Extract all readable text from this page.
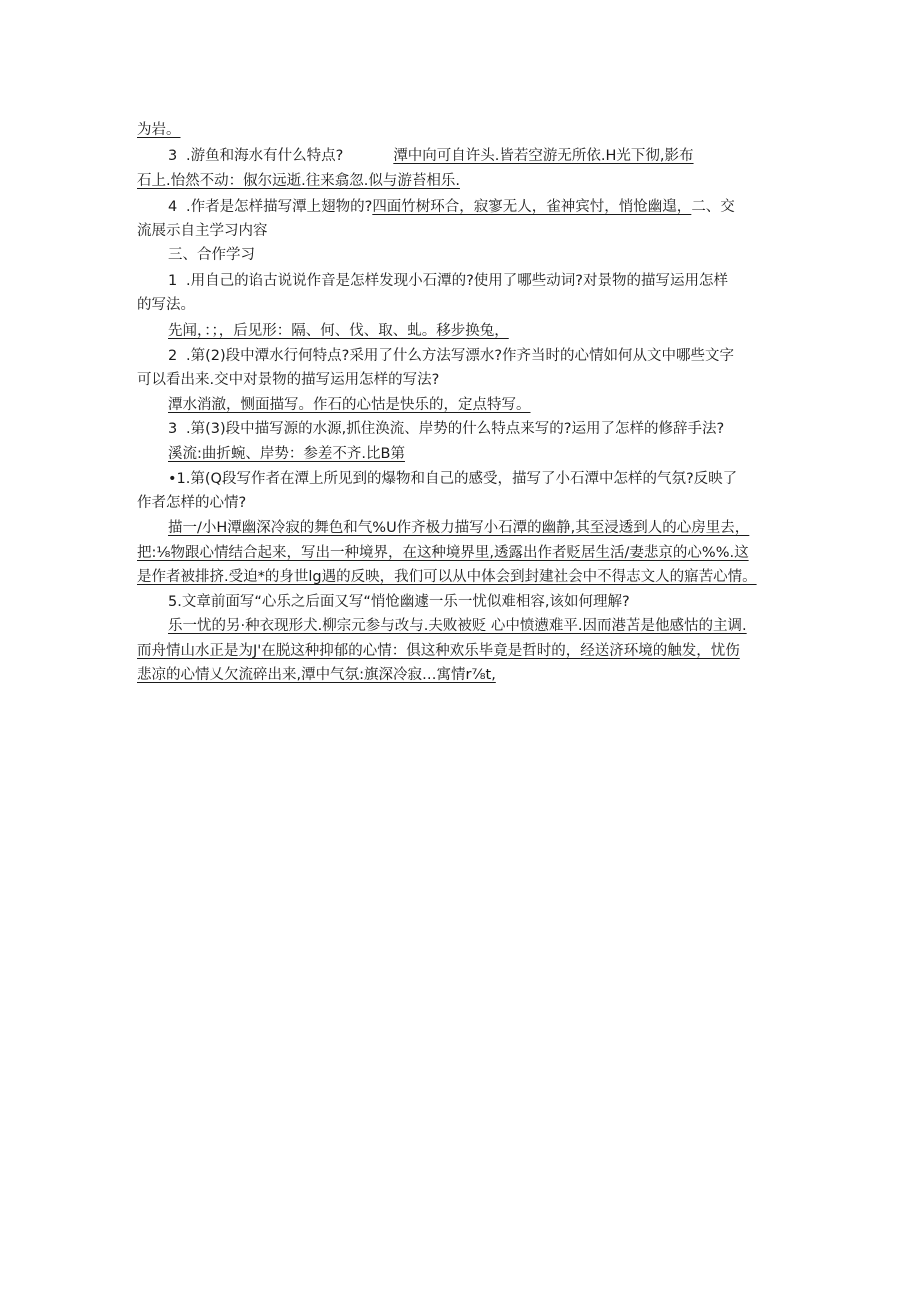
为岩。
3 .游鱼和海水有什么特点?	潭中向可自许头.皆若空游无所依.H光下彻,影布
石上.怡然不动：俶尔远逝.往来翕忽.似与游苔相乐.
4 .作者是怎样描写潭上翅物的?四面竹树环合，寂寥无人，雀神宾忖，悄怆幽遑，二、交
流展示自主学习内容
三、合作学习
1 .用自己的谄古说说作音是怎样发现小石潭的?使用了哪些动词?对景物的描写运用怎样
的写法。
先闻，：；，后见形：隔、何、伐、取、虬。移步换兔，
2 .第(2)段中潭水行何特点?采用了什么方法写漂水?作齐当时的心情如何从文中哪些文字
可以看出来.交中对景物的描写运用怎样的写法?
潭水消澈，恻面描写。作石的心怙是快乐的，定点特写。
3 .第(3)段中描写源的水源,抓住涣流、岸势的什么特点来写的?运用了怎样的修辞手法?
溪流:曲折蜿、岸势：参差不齐.比B第
•1.第(Q段写作者在潭上所见到的爆物和自己的感受，描写了小石潭中怎样的气氛?反映了
作者怎样的心情?
描一/小H潭幽深冷寂的舞色和气%U作齐极力描写小石潭的幽静,其至浸透到人的心房里去，
把:⅛物跟心情结合起来，写出一种境界，在这种境界里,透露出作者贬居生活/妻悲京的心%%.这
是作者被排挤.受迫*的身世lg遇的反映，我们可以从中体会到封建社会中不得志文人的寤苦心情。
5.文章前面写“心乐之后面又写“悄怆幽遽一乐一忧似难相容,该如何理解?
乐一忧的另·种衣现形犬.柳宗元参与改与.夫败被贬 心中愤懑难平.因而港苫是他感怙的主调.
而舟情山水正是为J'在脱这种抑郁的心情：俱这种欢乐毕竟是哲时的，经送济环境的触发，忧伤
悲凉的心情乂欠流碎出来,潭中气氛:旗深冷寂…寓情r⅞t,
